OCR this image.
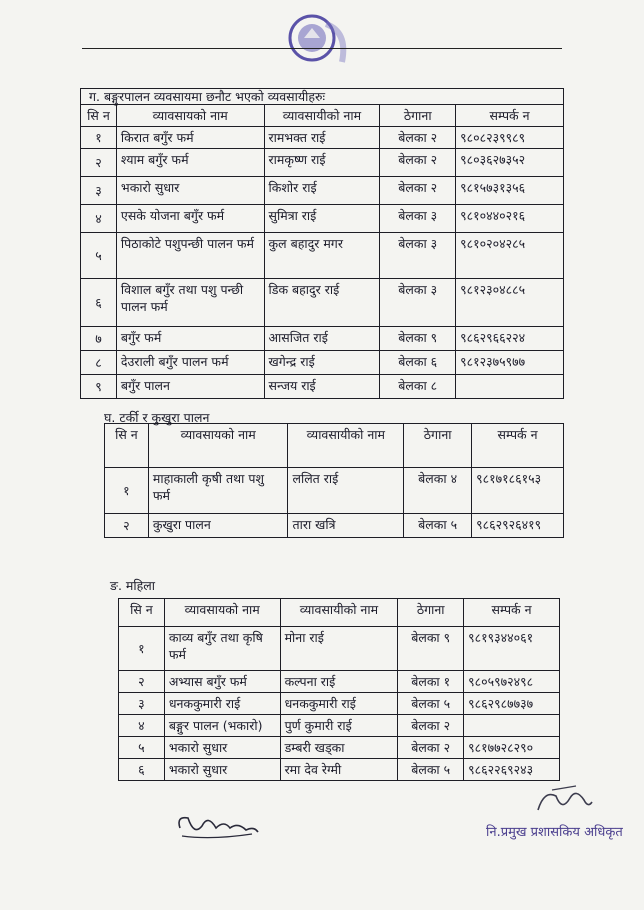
ग. बङ्गुरपालन व्यवसायमा छनौट भएको व्यवसायीहरुः
सि न	व्यावसायको नाम	व्यावसायीको नाम	ठेगाना	सम्पर्क न
१	किरात बगुँर फर्म	रामभक्त राई	बेलका २	९८०८२३९९८९
२	श्याम बगुँर फर्म	रामकृष्ण राई	बेलका २	९८०३६२७३५२
३	भकारो सुधार	किशोर राई	बेलका २	९८१५७३१३५६
४	एसके योजना बगुँर फर्म	सुमित्रा राई	बेलका ३	९८१०४४०२१६
५	पिठाकोटे पशुपन्छी पालन फर्म	कुल बहादुर मगर	बेलका ३	९८१०२०४२८५
६	विशाल बगुँर तथा पशु पन्छी पालन फर्म	डिक बहादुर राई	बेलका ३	९८१२३०४८८५
७	बगुँर फर्म	आसजित राई	बेलका ९	९८६२९६६२२४
८	देउराली बगुँर पालन फर्म	खगेन्द्र राई	बेलका ६	९८१२३७५९७७
९	बगुँर पालन	सन्जय राई	बेलका ८	
घ. टर्की र कुखुरा पालन
सि न	व्यावसायको नाम	व्यावसायीको नाम	ठेगाना	सम्पर्क न
१	माहाकाली कृषी तथा पशु फर्म	ललित राई	बेलका ४	९८१७१८६१५३
२	कुखुरा पालन	तारा खत्रि	बेलका ५	९८६२९२६४१९
ङ. महिला
सि न	व्यावसायको नाम	व्यावसायीको नाम	ठेगाना	सम्पर्क न
१	काव्य बगुँर तथा कृषि फर्म	मोना राई	बेलका ९	९८१९३४४०६१
२	अभ्यास बगुँर फर्म	कल्पना राई	बेलका १	९८०५९७२४९८
३	धनककुमारी राई	धनककुमारी राई	बेलका ५	९८६२९८७७३७
४	बङ्गुर पालन (भकारो)	पुर्ण कुमारी राई	बेलका २	
५	भकारो सुधार	डम्बरी खड्का	बेलका २	९८१७७२८२९०
६	भकारो सुधार	रमा देव रेग्मी	बेलका ५	९८६२२६९२४३
नि.प्रमुख प्रशासकिय अधिकृत
